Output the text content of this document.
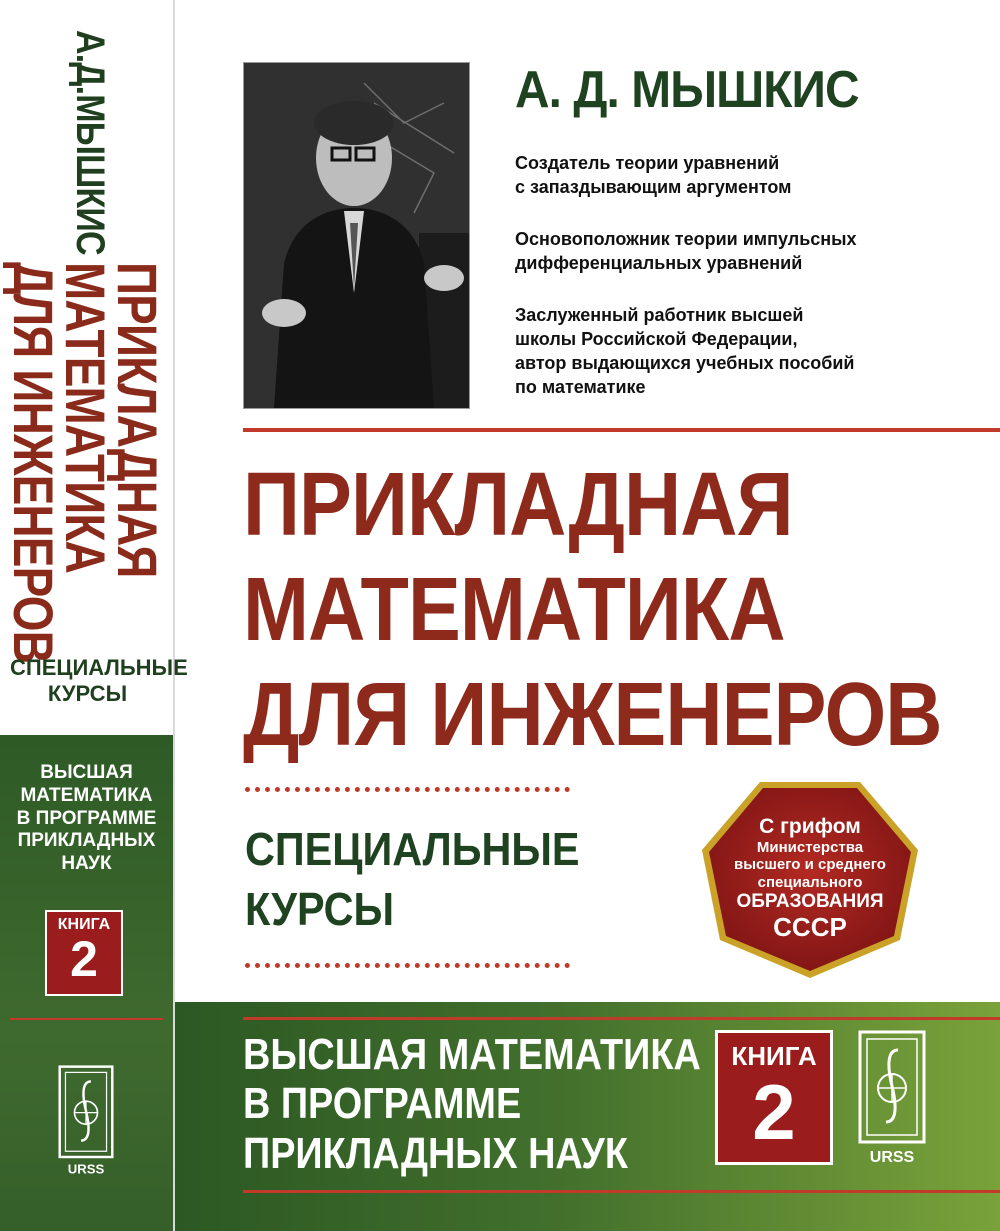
А.Д.МЫШКИС
ПРИКЛАДНАЯ
МАТЕМАТИКА
ДЛЯ ИНЖЕНЕРОВ
СПЕЦИАЛЬНЫЕ
КУРСЫ
ВЫСШАЯ
МАТЕМАТИКА
В ПРОГРАММЕ
ПРИКЛАДНЫХ
НАУК
КНИГА
2
URSS
А. Д. МЫШКИС
Создатель теории уравнений
с запаздывающим аргументом
Основоположник теории импульсных
дифференциальных уравнений
Заслуженный работник высшей
школы Российской Федерации,
автор выдающихся учебных пособий
по математике
ПРИКЛАДНАЯ
МАТЕМАТИКА
ДЛЯ ИНЖЕНЕРОВ
СПЕЦИАЛЬНЫЕ
КУРСЫ
С грифом
Министерства
высшего и среднего
специального
ОБРАЗОВАНИЯ
СССР
ВЫСШАЯ МАТЕМАТИКА
В ПРОГРАММЕ
ПРИКЛАДНЫХ НАУК
КНИГА
2
URSS
